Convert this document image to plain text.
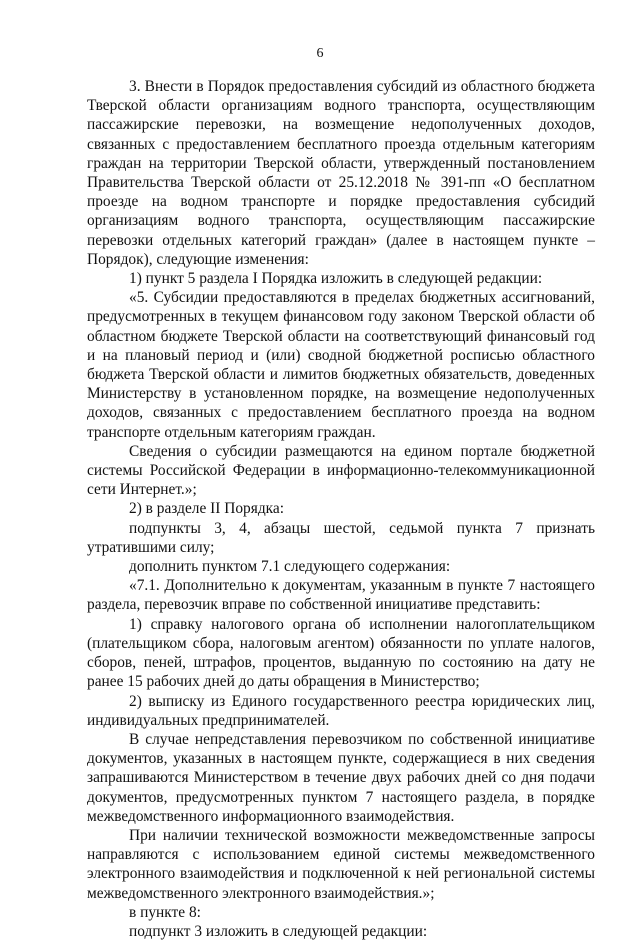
6

3. Внести в Порядок предоставления субсидий из областного бюджета Тверской области организациям водного транспорта, осуществляющим пассажирские перевозки, на возмещение недополученных доходов, связанных с предоставлением бесплатного проезда отдельным категориям граждан на территории Тверской области, утвержденный постановлением Правительства Тверской области от 25.12.2018 № 391-пп «О бесплатном проезде на водном транспорте и порядке предоставления субсидий организациям водного транспорта, осуществляющим пассажирские перевозки отдельных категорий граждан» (далее в настоящем пункте – Порядок), следующие изменения:

1) пункт 5 раздела I Порядка изложить в следующей редакции:

«5. Субсидии предоставляются в пределах бюджетных ассигнований, предусмотренных в текущем финансовом году законом Тверской области об областном бюджете Тверской области на соответствующий финансовый год и на плановый период и (или) сводной бюджетной росписью областного бюджета Тверской области и лимитов бюджетных обязательств, доведенных Министерству в установленном порядке, на возмещение недополученных доходов, связанных с предоставлением бесплатного проезда на водном транспорте отдельным категориям граждан.

Сведения о субсидии размещаются на едином портале бюджетной системы Российской Федерации в информационно-телекоммуникационной сети Интернет.»;

2) в разделе II Порядка:

подпункты 3, 4, абзацы шестой, седьмой пункта 7 признать утратившими силу;

дополнить пунктом 7.1 следующего содержания:

«7.1. Дополнительно к документам, указанным в пункте 7 настоящего раздела, перевозчик вправе по собственной инициативе представить:

1) справку налогового органа об исполнении налогоплательщиком (плательщиком сбора, налоговым агентом) обязанности по уплате налогов, сборов, пеней, штрафов, процентов, выданную по состоянию на дату не ранее 15 рабочих дней до даты обращения в Министерство;

2) выписку из Единого государственного реестра юридических лиц, индивидуальных предпринимателей.

В случае непредставления перевозчиком по собственной инициативе документов, указанных в настоящем пункте, содержащиеся в них сведения запрашиваются Министерством в течение двух рабочих дней со дня подачи документов, предусмотренных пунктом 7 настоящего раздела, в порядке межведомственного информационного взаимодействия.

При наличии технической возможности межведомственные запросы направляются с использованием единой системы межведомственного электронного взаимодействия и подключенной к ней региональной системы межведомственного электронного взаимодействия.»;

в пункте 8:

подпункт 3 изложить в следующей редакции:
